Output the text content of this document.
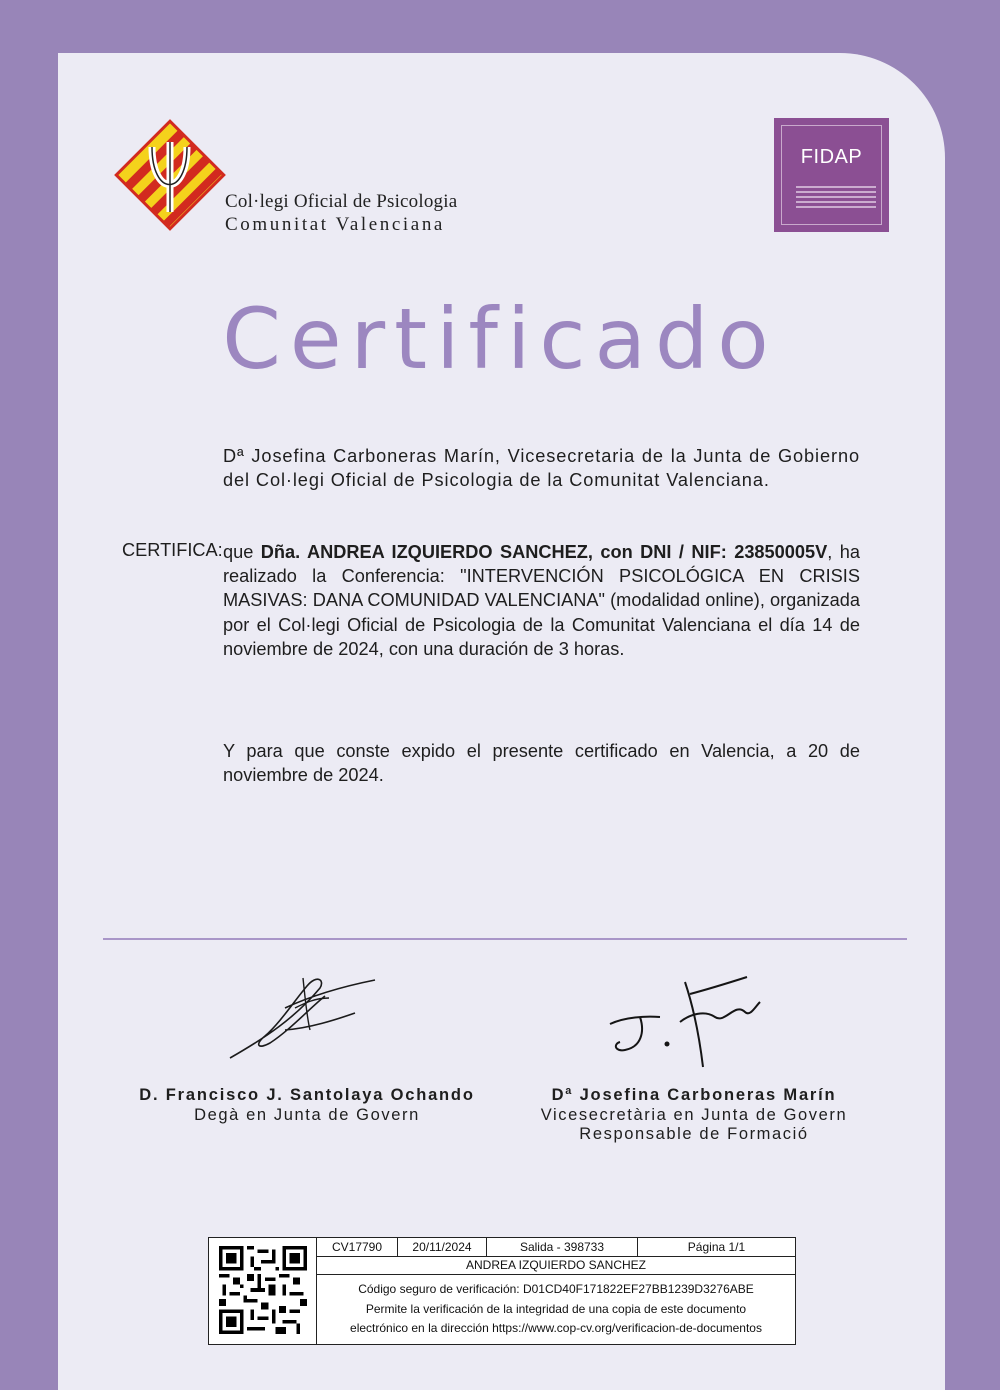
Col·legi Oficial de Psicologia
Comunitat Valenciana
FIDAP
Certificado
Dª Josefina Carboneras Marín, Vicesecretaria de la Junta de Gobierno del Col·legi Oficial de Psicologia de la Comunitat Valenciana.
CERTIFICA: que Dña. ANDREA IZQUIERDO SANCHEZ, con DNI / NIF: 23850005V, ha realizado la Conferencia: "INTERVENCIÓN PSICOLÓGICA EN CRISIS MASIVAS: DANA COMUNIDAD VALENCIANA" (modalidad online), organizada por el Col·legi Oficial de Psicologia de la Comunitat Valenciana el día 14 de noviembre de 2024, con una duración de 3 horas.
Y para que conste expido el presente certificado en Valencia, a 20 de noviembre de 2024.
D. Francisco J. Santolaya Ochando
Degà en Junta de Govern
Dª Josefina Carboneras Marín
Vicesecretària en Junta de Govern
Responsable de Formació
CV17790	20/11/2024	Salida - 398733	Página 1/1
ANDREA IZQUIERDO SANCHEZ
Código seguro de verificación: D01CD40F171822EF27BB1239D3276ABE
Permite la verificación de la integridad de una copia de este documento
electrónico en la dirección https://www.cop-cv.org/verificacion-de-documentos
